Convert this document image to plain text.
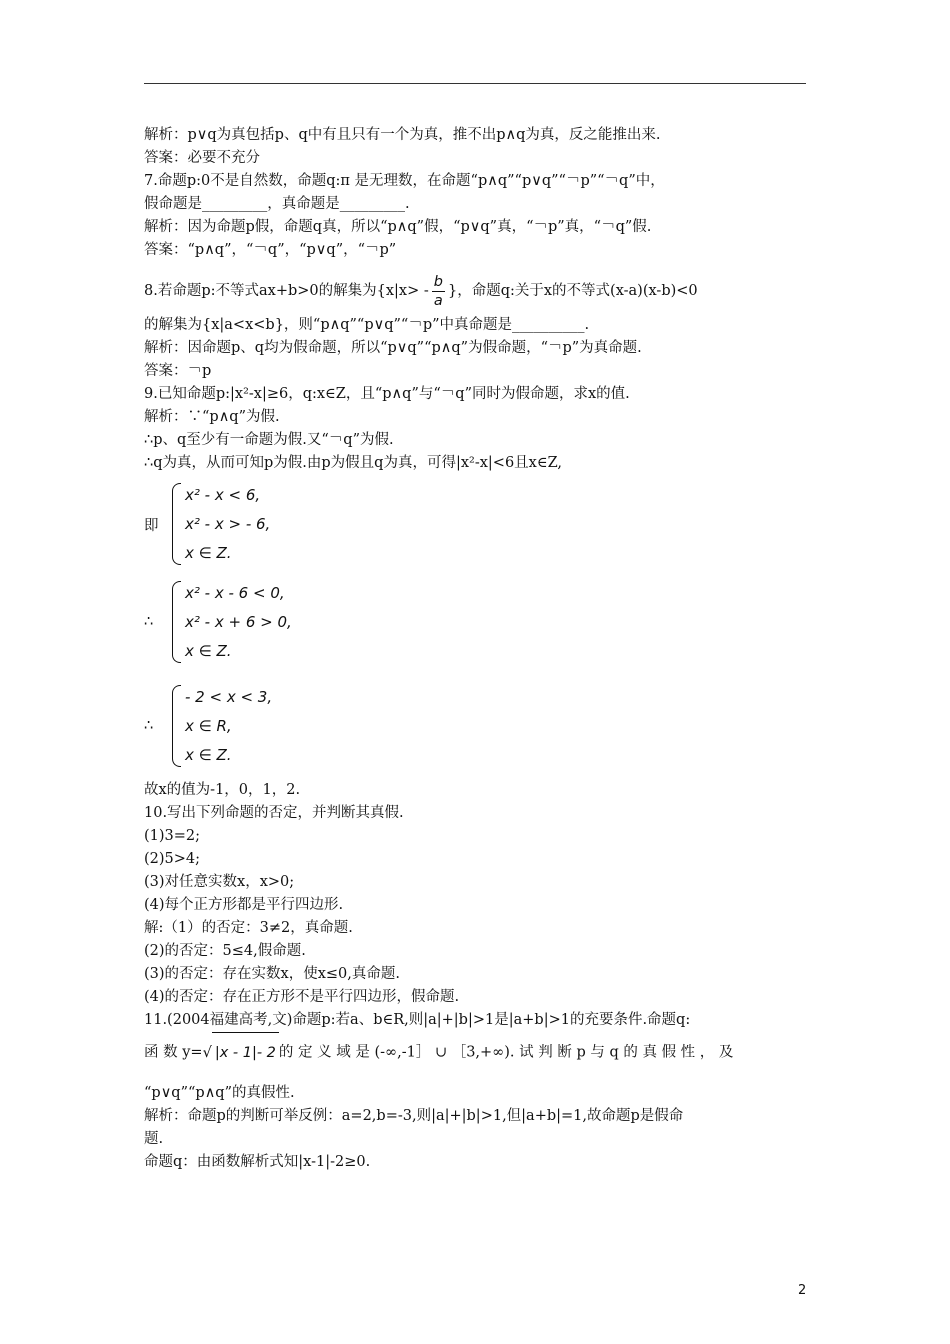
解析：p∨q为真包括p、q中有且只有一个为真，推不出p∧q为真，反之能推出来.
答案：必要不充分
7.命题p:0不是自然数，命题q:π 是无理数，在命题“p∧q”“p∨q”“￢p”“￢q”中，
假命题是_________，真命题是_________.
解析：因为命题p假，命题q真，所以“p∧q”假，“p∨q”真，“￢p”真，“￢q”假.
答案：“p∧q”，“￢q”，“p∨q”，“￢p”
8.若命题p:不等式ax+b>0的解集为{$x|x> - \frac{b}{a}$ }，命题q:关于x的不等式(x-a)(x-b)<0
的解集为{x|a<x<b}，则“p∧q”“p∨q”“￢p”中真命题是__________.
解析：因命题p、q均为假命题，所以“p∨q”“p∧q”为假命题，“￢p”为真命题.
答案：￢p
9.已知命题p:|x²-x|≥6，q:x∈Z，且“p∧q”与“￢q”同时为假命题，求x的值.
解析：∵“p∧q”为假.
∴p、q至少有一命题为假.又“￢q”为假.
∴q为真，从而可知p为假.由p为假且q为真，可得|x²-x|<6且x∈Z,
即
x² - x < 6,
x² - x > - 6,
x ∈ Z.
∴
x² - x - 6 < 0,
x² - x + 6 > 0,
x ∈ Z.
∴
- 2 < x < 3,
x ∈ R,
x ∈ Z.
故x的值为-1，0，1，2.
10.写出下列命题的否定，并判断其真假.
(1)3=2;
(2)5>4;
(3)对任意实数x，x>0;
(4)每个正方形都是平行四边形.
解:（1）的否定：3≠2，真命题.
(2)的否定：5≤4,假命题.
(3)的否定：存在实数x，使x≤0,真命题.
(4)的否定：存在正方形不是平行四边形，假命题.
11.(2004福建高考,文)命题p:若a、b∈R,则|a|+|b|>1是|a+b|>1的充要条件.命题q:
函 数 y=√ |x - 1|- 2 的 定 义 域 是 (-∞,-1］ ∪ ［3,+∞). 试 判 断 p 与 q 的 真 假 性 ， 及
“p∨q”“p∧q”的真假性.
解析：命题p的判断可举反例：a=2,b=-3,则|a|+|b|>1,但|a+b|=1,故命题p是假命
题.
命题q：由函数解析式知|x-1|-2≥0.
2
